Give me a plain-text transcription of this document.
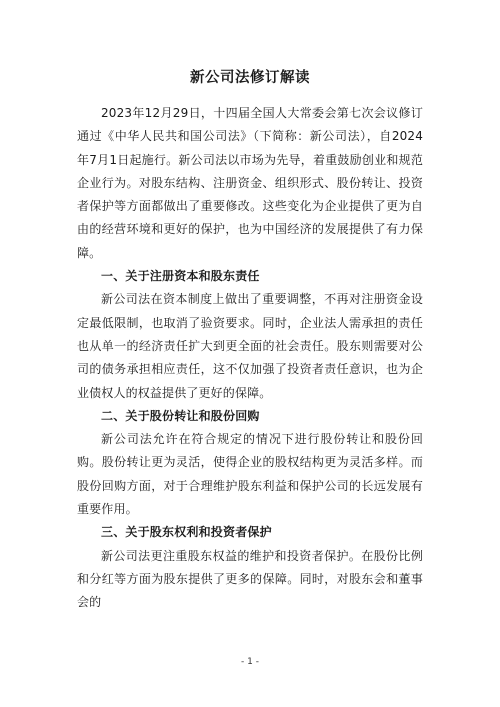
新公司法修订解读

2023年12月29日，十四届全国人大常委会第七次会议修订通过《中华人民共和国公司法》（下简称：新公司法），自2024年7月1日起施行。新公司法以市场为先导，着重鼓励创业和规范企业行为。对股东结构、注册资金、组织形式、股份转让、投资者保护等方面都做出了重要修改。这些变化为企业提供了更为自由的经营环境和更好的保护，也为中国经济的发展提供了有力保障。

一、关于注册资本和股东责任

新公司法在资本制度上做出了重要调整，不再对注册资金设定最低限制，也取消了验资要求。同时，企业法人需承担的责任也从单一的经济责任扩大到更全面的社会责任。股东则需要对公司的债务承担相应责任，这不仅加强了投资者责任意识，也为企业债权人的权益提供了更好的保障。

二、关于股份转让和股份回购

新公司法允许在符合规定的情况下进行股份转让和股份回购。股份转让更为灵活，使得企业的股权结构更为灵活多样。而股份回购方面，对于合理维护股东利益和保护公司的长远发展有重要作用。

三、关于股东权利和投资者保护

新公司法更注重股东权益的维护和投资者保护。在股份比例和分红等方面为股东提供了更多的保障。同时，对股东会和董事会的

- 1 -
